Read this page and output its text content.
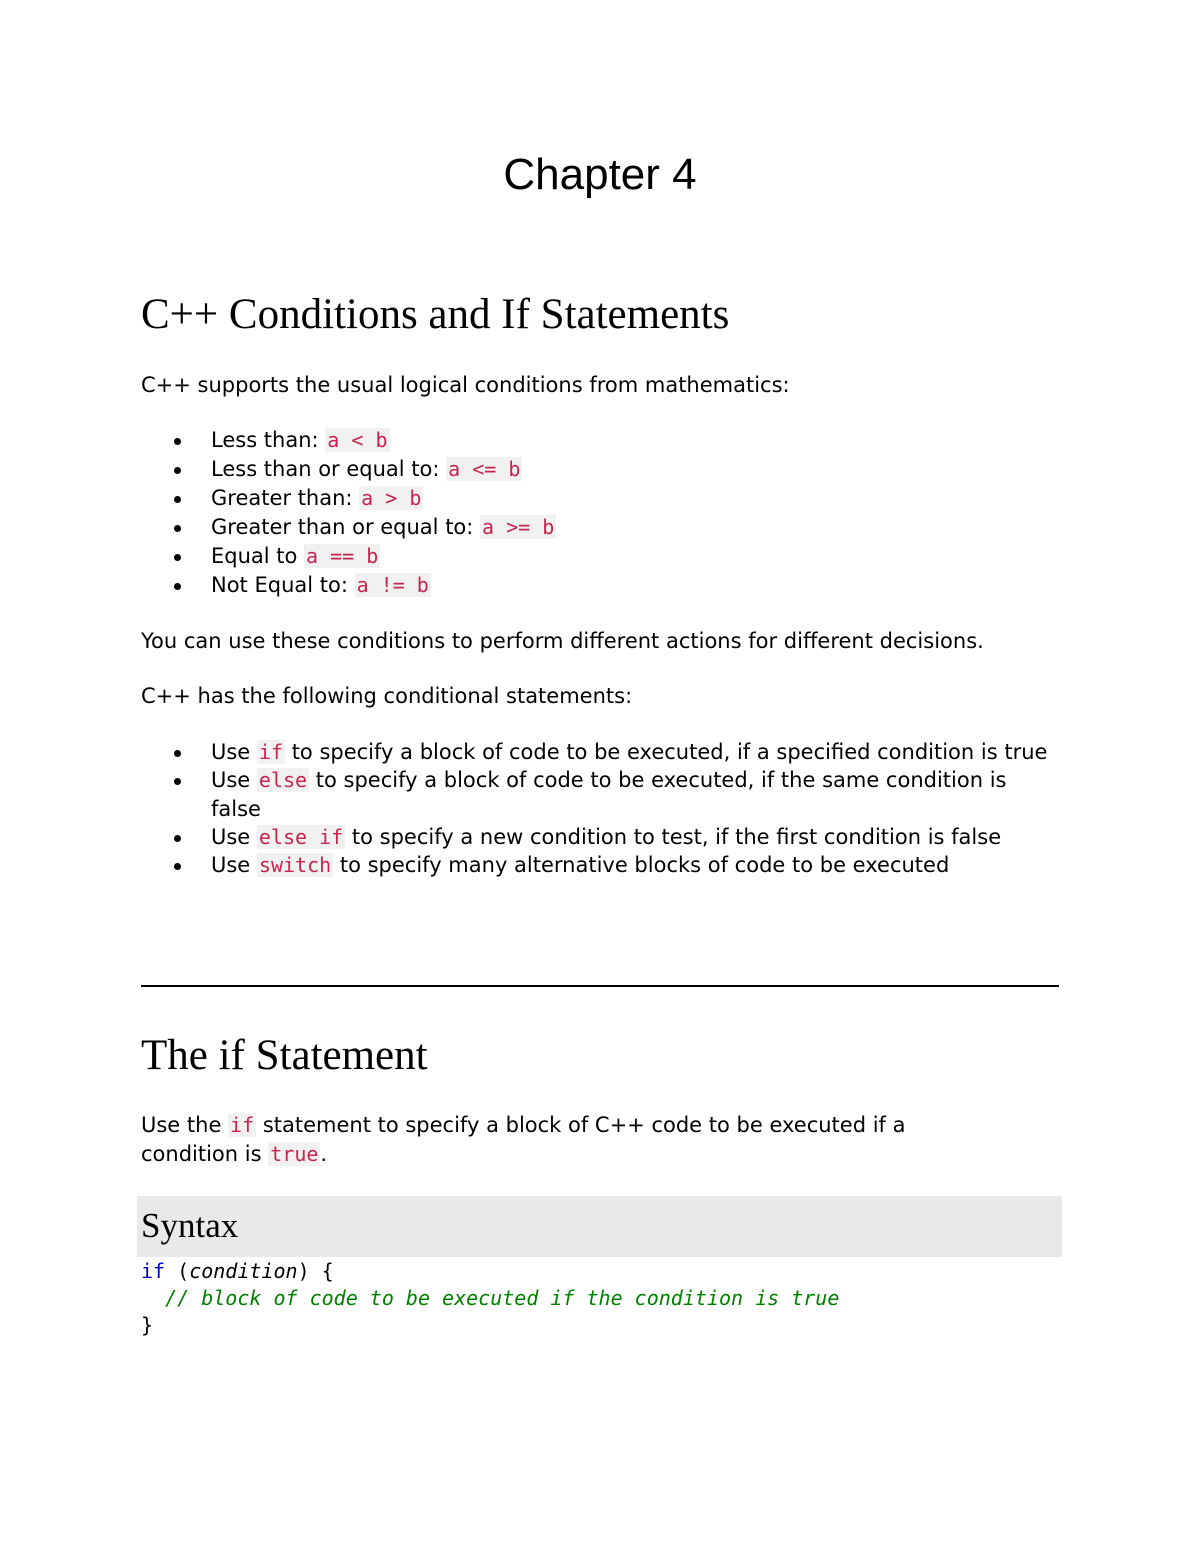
Chapter 4
C++ Conditions and If Statements
C++ supports the usual logical conditions from mathematics:
Less than: a < b
Less than or equal to: a <= b
Greater than: a > b
Greater than or equal to: a >= b
Equal to a == b
Not Equal to: a != b
You can use these conditions to perform different actions for different decisions.
C++ has the following conditional statements:
Use if to specify a block of code to be executed, if a specified condition is true
Use else to specify a block of code to be executed, if the same condition is false
Use else if to specify a new condition to test, if the first condition is false
Use switch to specify many alternative blocks of code to be executed
The if Statement
Use the if statement to specify a block of C++ code to be executed if a condition is true.
Syntax
if (condition) {
// block of code to be executed if the condition is true
}
